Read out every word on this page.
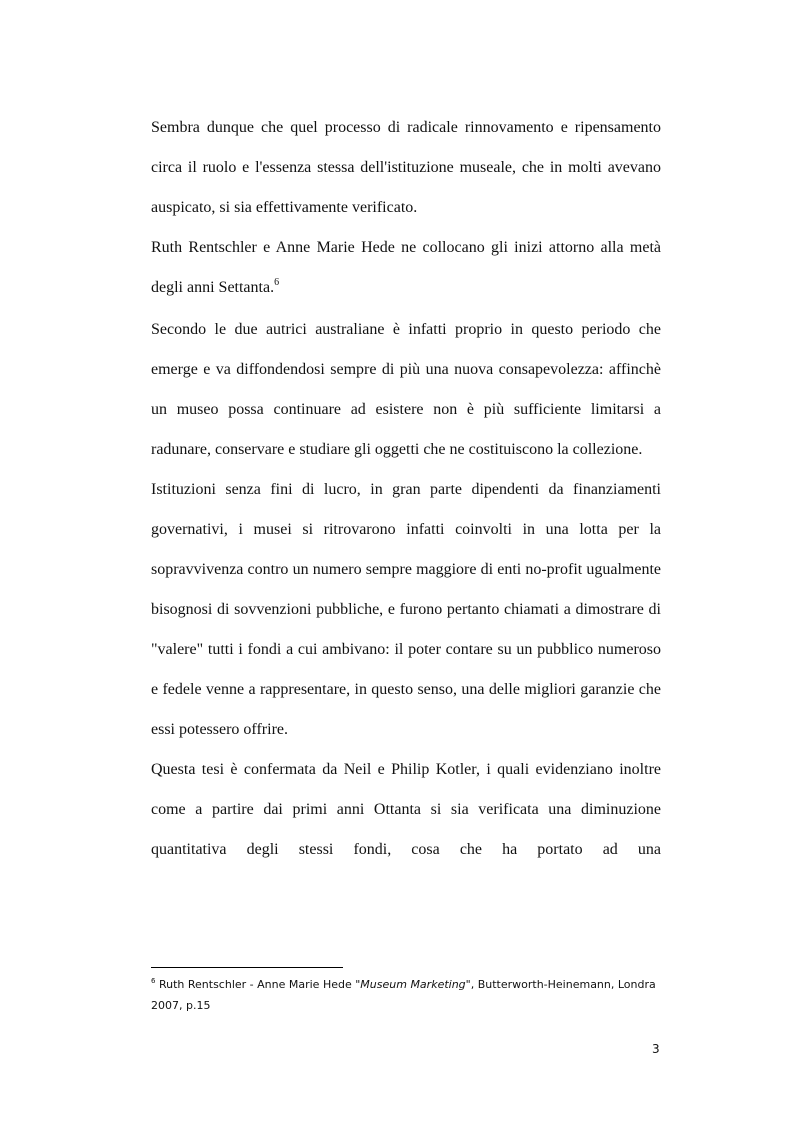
Sembra dunque che quel processo di radicale rinnovamento e ripensamento circa il ruolo e l'essenza stessa dell'istituzione museale, che in molti avevano auspicato, si sia effettivamente verificato.

Ruth Rentschler e Anne Marie Hede ne collocano gli inizi attorno alla metà degli anni Settanta.$^6$

Secondo le due autrici australiane è infatti proprio in questo periodo che emerge e va diffondendosi sempre di più una nuova consapevolezza: affinchè un museo possa continuare ad esistere non è più sufficiente limitarsi a radunare, conservare e studiare gli oggetti che ne costituiscono la collezione.

Istituzioni senza fini di lucro, in gran parte dipendenti da finanziamenti governativi, i musei si ritrovarono infatti coinvolti in una lotta per la sopravvivenza contro un numero sempre maggiore di enti no-profit ugualmente bisognosi di sovvenzioni pubbliche, e furono pertanto chiamati a dimostrare di "valere" tutti i fondi a cui ambivano: il poter contare su un pubblico numeroso e fedele venne a rappresentare, in questo senso, una delle migliori garanzie che essi potessero offrire.

Questa tesi è confermata da Neil e Philip Kotler, i quali evidenziano inoltre come a partire dai primi anni Ottanta si sia verificata una diminuzione quantitativa degli stessi fondi, cosa che ha portato ad una

$^6$ Ruth Rentschler - Anne Marie Hede "Museum Marketing", Butterworth-Heinemann, Londra 2007, p.15
3
